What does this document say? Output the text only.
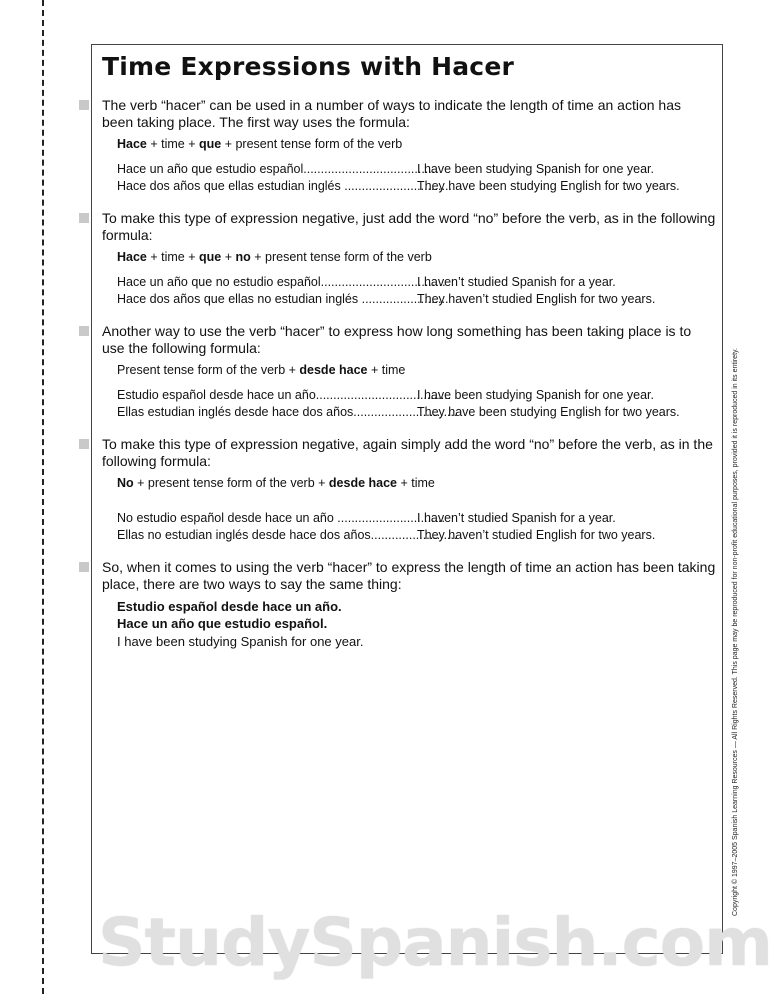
Time Expressions with Hacer

The verb “hacer” can be used in a number of ways to indicate the length of time an action has been taking place. The first way uses the formula:

Hace + time + que + present tense form of the verb
Hace un año que estudio español.......................................
I have been studying Spanish for one year.
Hace dos años que ellas estudian inglés ...............................
They have been studying English for two years.

To make this type of expression negative, just add the word “no” before the verb, as in the following formula:

Hace + time + que + no + present tense form of the verb
Hace un año que no estudio español....................................
I haven’t studied Spanish for a year.
Hace dos años que ellas no estudian inglés .........................
They haven’t studied English for two years.

Another way to use the verb “hacer” to express how long something has been taking place is to use the following formula:

Present tense form of the verb + desde hace + time
Estudio español desde hace un año.......................................
I have been studying Spanish for one year.
Ellas estudian inglés desde hace dos años..............................
They have been studying English for two years.

To make this type of expression negative, again simply add the word “no” before the verb, as in the following formula:

No + present tense form of the verb + desde hace + time
No estudio español desde hace un año ...............................
I haven’t studied Spanish for a year.
Ellas no estudian inglés desde hace dos años.........................
They haven’t studied English for two years.

So, when it comes to using the verb “hacer” to express the length of time an action has been taking place, there are two ways to say the same thing:

Estudio español desde hace un año.
Hace un año que estudio español.
I have been studying Spanish for one year.	Copyright © 1997–2005 Spanish Learning Resources — All Rights Reserved. This page may be reproduced for non-profit educational purposes, provided it is reproduced in its entirety.
StudySpanish.com
